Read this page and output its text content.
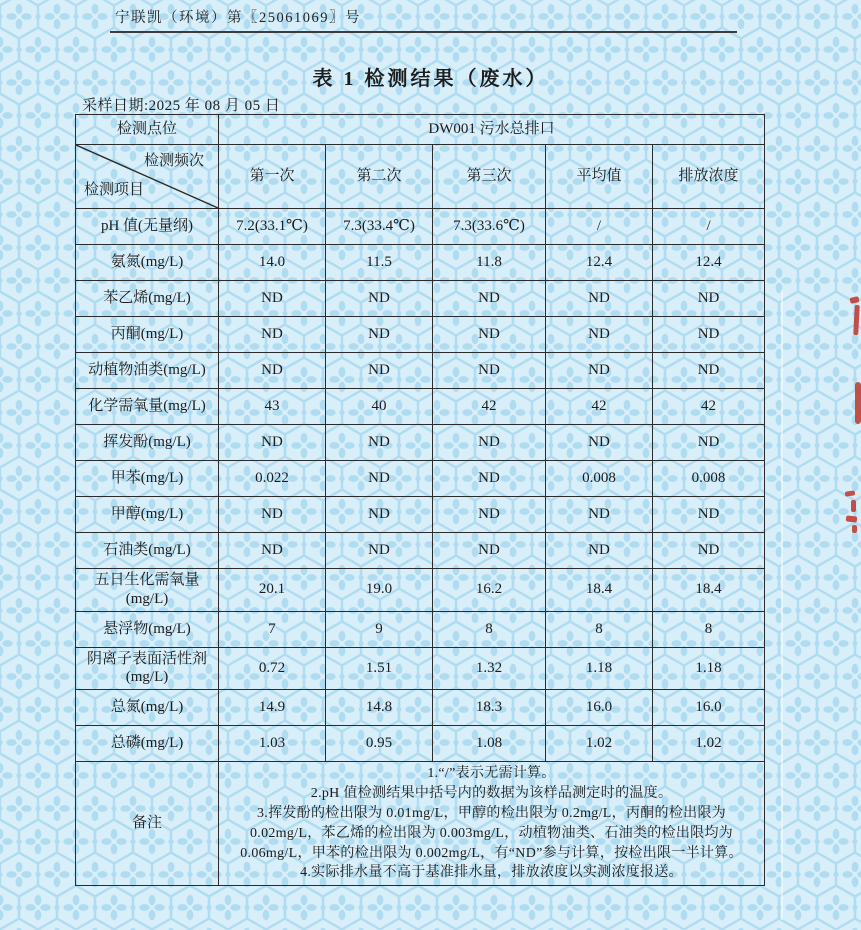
宁联凯（环境）第〖25061069〗号
表 1 检测结果（废水）
采样日期:2025 年 08 月 05 日
检测点位	DW001 污水总排口				

检测频次
检测项目	第一次	第二次	第三次	平均值	排放浓度
pH 值(无量纲)	7.2(33.1℃)	7.3(33.4℃)	7.3(33.6℃)	/	/
氨氮(mg/L)	14.0	11.5	11.8	12.4	12.4
苯乙烯(mg/L)	ND	ND	ND	ND	ND
丙酮(mg/L)	ND	ND	ND	ND	ND
动植物油类(mg/L)	ND	ND	ND	ND	ND
化学需氧量(mg/L)	43	40	42	42	42
挥发酚(mg/L)	ND	ND	ND	ND	ND
甲苯(mg/L)	0.022	ND	ND	0.008	0.008
甲醇(mg/L)	ND	ND	ND	ND	ND
石油类(mg/L)	ND	ND	ND	ND	ND
五日生化需氧量(mg/L)	20.1	19.0	16.2	18.4	18.4
悬浮物(mg/L)	7	9	8	8	8
阴离子表面活性剂(mg/L)	0.72	1.51	1.32	1.18	1.18
总氮(mg/L)	14.9	14.8	18.3	16.0	16.0
总磷(mg/L)	1.03	0.95	1.08	1.02	1.02
备注	1.“/”表示无需计算。
2.pH 值检测结果中括号内的数据为该样品测定时的温度。
3.挥发酚的检出限为 0.01mg/L，甲醇的检出限为 0.2mg/L，丙酮的检出限为 0.02mg/L，苯乙烯的检出限为 0.003mg/L，动植物油类、石油类的检出限均为 0.06mg/L，甲苯的检出限为 0.002mg/L，有“ND”参与计算，按检出限一半计算。
4.实际排水量不高于基准排水量，排放浓度以实测浓度报送。				
